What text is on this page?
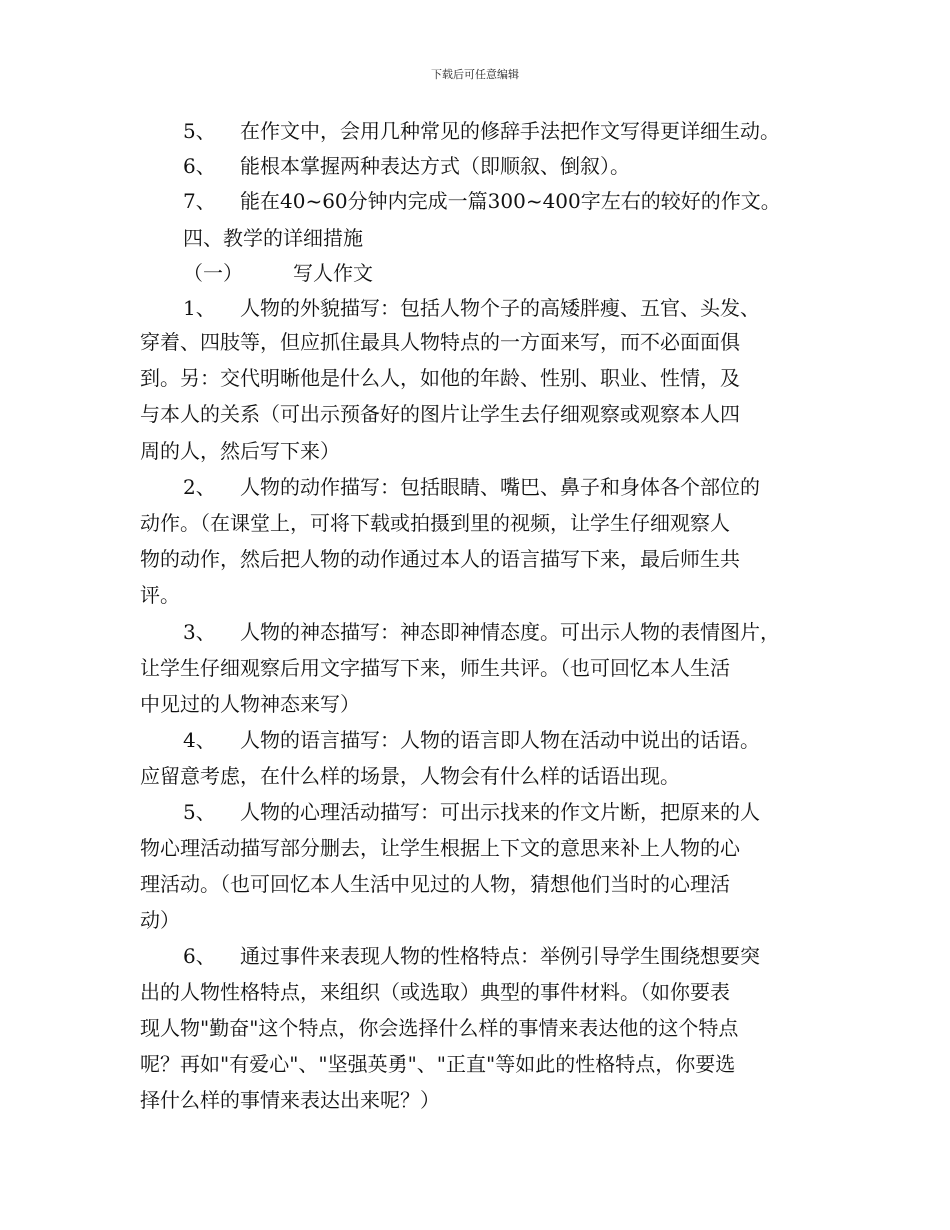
下载后可任意编辑
5、 在作文中，会用几种常见的修辞手法把作文写得更详细生动。
6、 能根本掌握两种表达方式（即顺叙、倒叙）。
7、 能在40~60分钟内完成一篇300~400字左右的较好的作文。
四、教学的详细措施
（一）	写人作文
1、 人物的外貌描写：包括人物个子的高矮胖瘦、五官、头发、
穿着、四肢等，但应抓住最具人物特点的一方面来写，而不必面面俱
到。另：交代明晰他是什么人，如他的年龄、性别、职业、性情，及
与本人的关系（可出示预备好的图片让学生去仔细观察或观察本人四
周的人，然后写下来）
2、 人物的动作描写：包括眼睛、嘴巴、鼻子和身体各个部位的
动作。（在课堂上，可将下载或拍摄到里的视频，让学生仔细观察人
物的动作，然后把人物的动作通过本人的语言描写下来，最后师生共
评。
3、 人物的神态描写：神态即神情态度。可出示人物的表情图片，
让学生仔细观察后用文字描写下来，师生共评。（也可回忆本人生活
中见过的人物神态来写）
4、 人物的语言描写：人物的语言即人物在活动中说出的话语。
应留意考虑，在什么样的场景，人物会有什么样的话语出现。
5、 人物的心理活动描写：可出示找来的作文片断，把原来的人
物心理活动描写部分删去，让学生根据上下文的意思来补上人物的心
理活动。（也可回忆本人生活中见过的人物，猜想他们当时的心理活
动）
6、 通过事件来表现人物的性格特点：举例引导学生围绕想要突
出的人物性格特点，来组织（或选取）典型的事件材料。（如你要表
现人物"勤奋"这个特点，你会选择什么样的事情来表达他的这个特点
呢？再如"有爱心"、"坚强英勇"、"正直"等如此的性格特点，你要选
择什么样的事情来表达出来呢？）
